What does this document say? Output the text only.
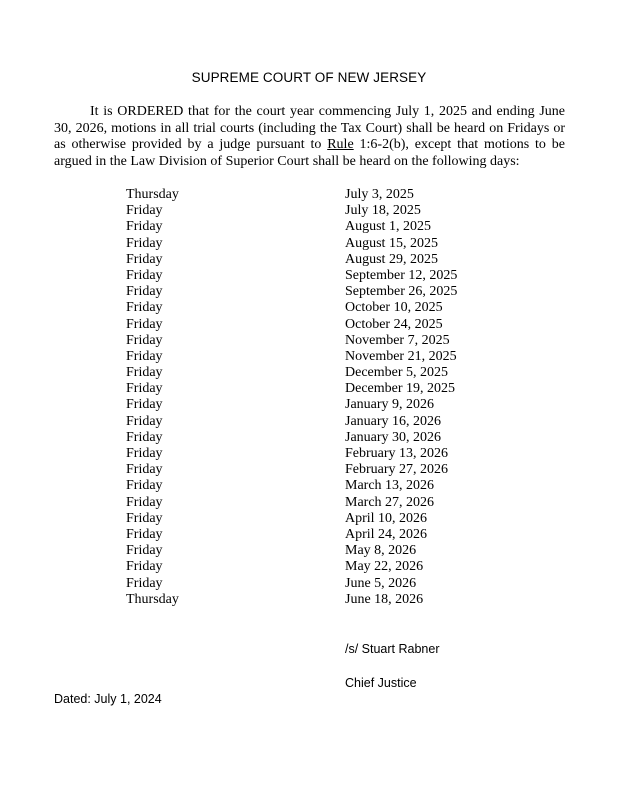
SUPREME COURT OF NEW JERSEY

It is ORDERED that for the court year commencing July 1, 2025 and ending June 30, 2026, motions in all trial courts (including the Tax Court) shall be heard on Fridays or as otherwise provided by a judge pursuant to Rule 1:6-2(b), except that motions to be argued in the Law Division of Superior Court shall be heard on the following days:

Thursday	July 3, 2025
Friday	July 18, 2025
Friday	August 1, 2025
Friday	August 15, 2025
Friday	August 29, 2025
Friday	September 12, 2025
Friday	September 26, 2025
Friday	October 10, 2025
Friday	October 24, 2025
Friday	November 7, 2025
Friday	November 21, 2025
Friday	December 5, 2025
Friday	December 19, 2025
Friday	January 9, 2026
Friday	January 16, 2026
Friday	January 30, 2026
Friday	February 13, 2026
Friday	February 27, 2026
Friday	March 13, 2026
Friday	March 27, 2026
Friday	April 10, 2026
Friday	April 24, 2026
Friday	May 8, 2026
Friday	May 22, 2026
Friday	June 5, 2026
Thursday	June 18, 2026
/s/ Stuart Rabner
Chief Justice
Dated: July 1, 2024
